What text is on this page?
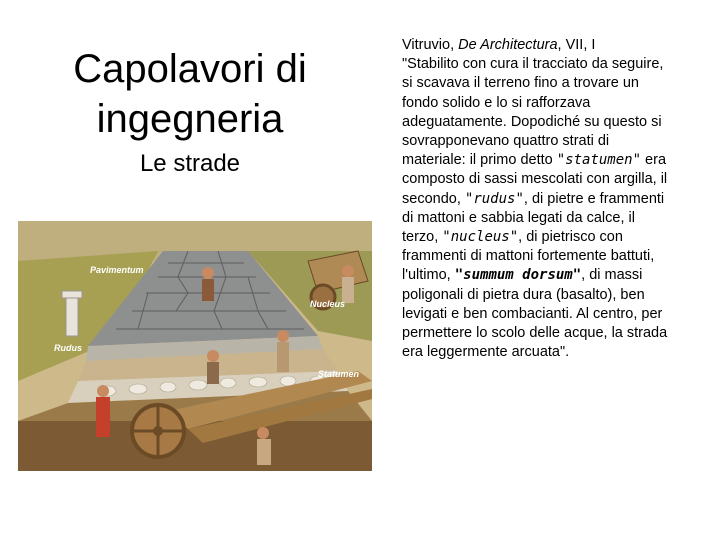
Capolavori di ingegneria
Le strade
Pavimentum
Nucleus
Rudus
Statumen

Vitruvio, De Architectura, VII, I

"Stabilito con cura il tracciato da seguire, si scavava il terreno fino a trovare un fondo solido e lo si rafforzava adeguatamente. Dopodiché su questo si sovrapponevano quattro strati di materiale: il primo detto "statumen" era composto di sassi mescolati con argilla, il secondo, "rudus", di pietre e frammenti di mattoni e sabbia legati da calce, il terzo, "nucleus", di pietrisco con frammenti di mattoni fortemente battuti, l'ultimo, "summum dorsum", di massi poligonali di pietra dura (basalto), ben levigati e ben combacianti. Al centro, per permettere lo scolo delle acque, la strada era leggermente arcuata".
